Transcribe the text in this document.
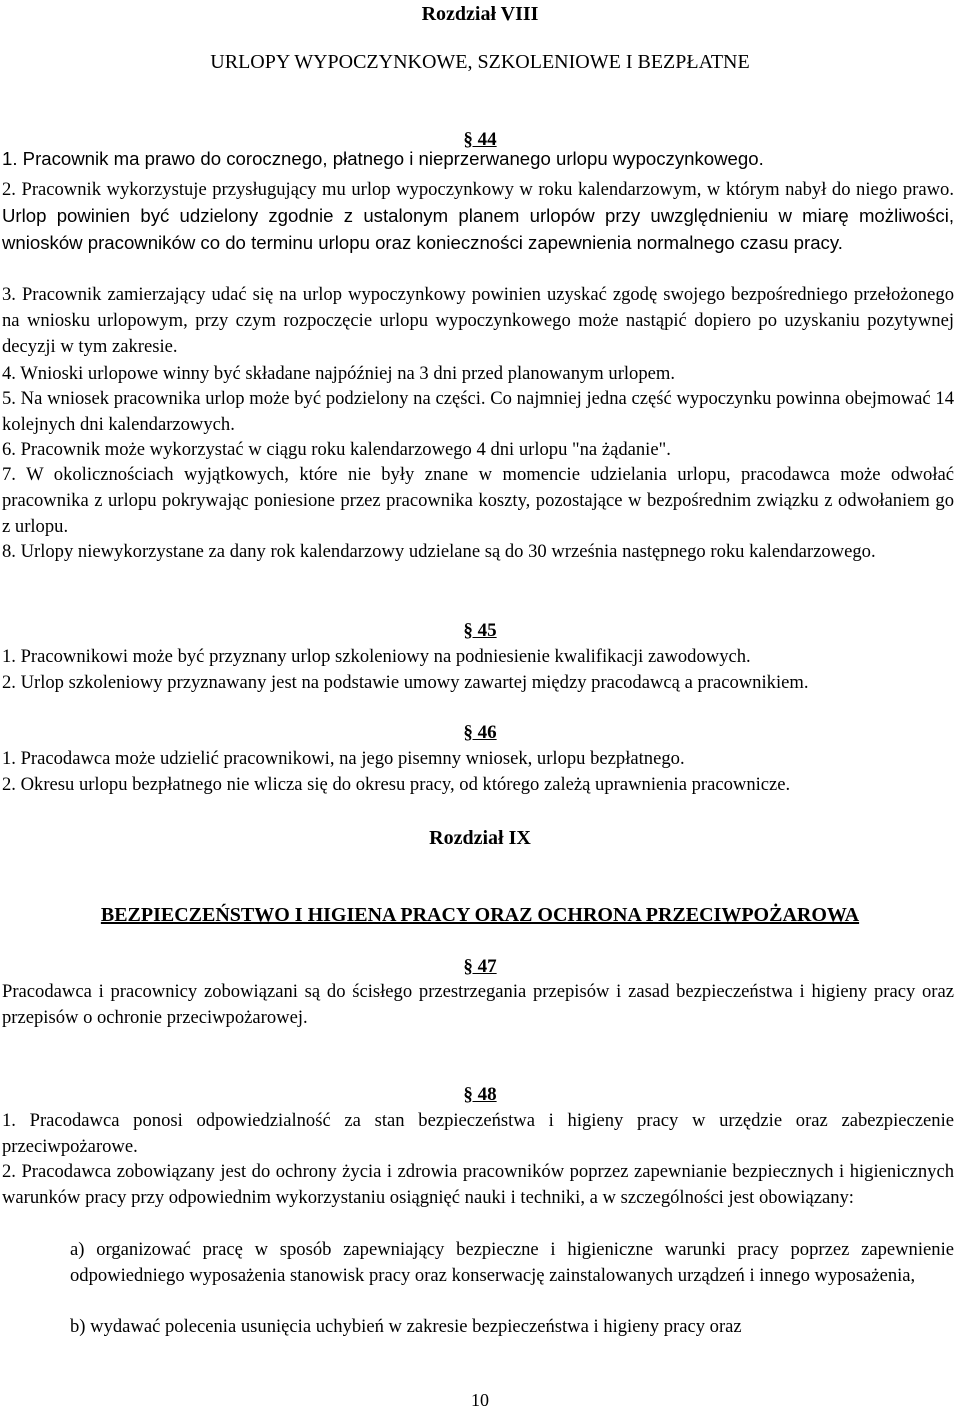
Rozdział VIII
URLOPY WYPOCZYNKOWE, SZKOLENIOWE I BEZPŁATNE
§ 44

1. Pracownik ma prawo do corocznego, płatnego i nieprzerwanego urlopu wypoczynkowego.

2. Pracownik wykorzystuje przysługujący mu urlop wypoczynkowy w roku kalendarzowym, w którym nabył do niego prawo. Urlop powinien być udzielony zgodnie z ustalonym planem urlopów przy uwzględnieniu w miarę możliwości, wniosków pracowników co do terminu urlopu oraz konieczności zapewnienia normalnego czasu pracy.

3. Pracownik zamierzający udać się na urlop wypoczynkowy powinien uzyskać zgodę swojego bezpośredniego przełożonego na wniosku urlopowym, przy czym rozpoczęcie urlopu wypoczynkowego może nastąpić dopiero po uzyskaniu pozytywnej decyzji w tym zakresie.

4. Wnioski urlopowe winny być składane najpóźniej na 3 dni przed planowanym urlopem.

5. Na wniosek pracownika urlop może być podzielony na części. Co najmniej jedna część wypoczynku powinna obejmować 14 kolejnych dni kalendarzowych.

6. Pracownik może wykorzystać w ciągu roku kalendarzowego 4 dni urlopu "na żądanie".

7. W okolicznościach wyjątkowych, które nie były znane w momencie udzielania urlopu, pracodawca może odwołać pracownika z urlopu pokrywając poniesione przez pracownika koszty, pozostające w bezpośrednim związku z odwołaniem go z urlopu.

8. Urlopy niewykorzystane za dany rok kalendarzowy udzielane są do 30 września następnego roku kalendarzowego.

§ 45

1. Pracownikowi może być przyznany urlop szkoleniowy na podniesienie kwalifikacji zawodowych.

2. Urlop szkoleniowy przyznawany jest na podstawie umowy zawartej między pracodawcą a pracownikiem.

§ 46

1. Pracodawca może udzielić pracownikowi, na jego pisemny wniosek, urlopu bezpłatnego.

2. Okresu urlopu bezpłatnego nie wlicza się do okresu pracy, od którego zależą uprawnienia pracownicze.

Rozdział IX
BEZPIECZEŃSTWO I HIGIENA PRACY ORAZ OCHRONA PRZECIWPOŻAROWA
§ 47

Pracodawca i pracownicy zobowiązani są do ścisłego przestrzegania przepisów i zasad bezpieczeństwa i higieny pracy oraz przepisów o ochronie przeciwpożarowej.

§ 48

1. Pracodawca ponosi odpowiedzialność za stan bezpieczeństwa i higieny pracy w urzędzie oraz zabezpieczenie przeciwpożarowe.

2. Pracodawca zobowiązany jest do ochrony życia i zdrowia pracowników poprzez zapewnianie bezpiecznych i higienicznych warunków pracy przy odpowiednim wykorzystaniu osiągnięć nauki i techniki, a w szczególności jest obowiązany:

a) organizować pracę w sposób zapewniający bezpieczne i higieniczne warunki pracy poprzez zapewnienie odpowiedniego wyposażenia stanowisk pracy oraz konserwację zainstalowanych urządzeń i innego wyposażenia,

b) wydawać polecenia usunięcia uchybień w zakresie bezpieczeństwa i higieny pracy oraz

10
